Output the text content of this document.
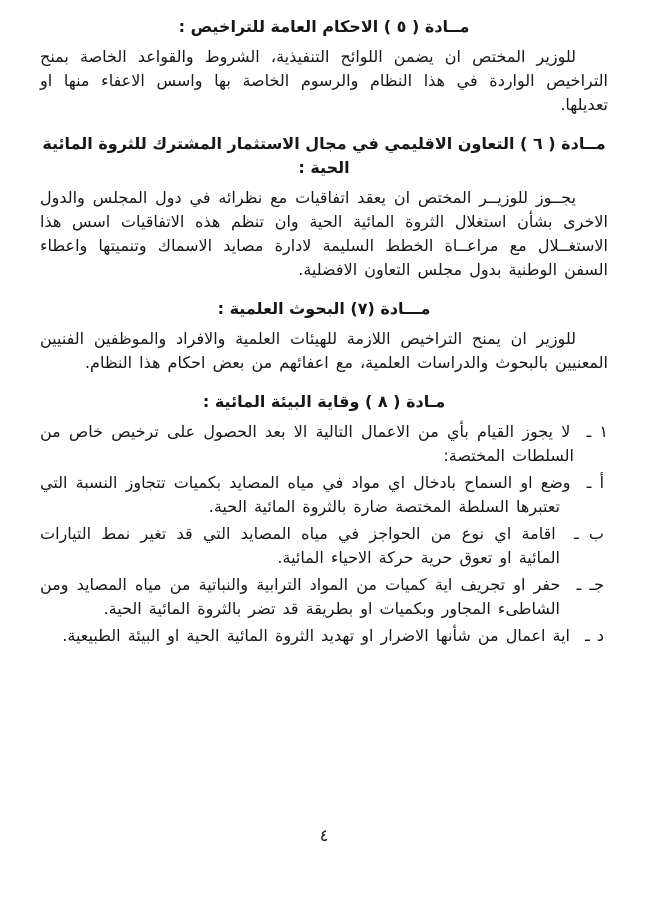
مــادة ( ٥ ) الاحكام العامة للتراخيص :

للوزير المختص ان يضمن اللوائح التنفيذية، الشروط والقواعد الخاصة بمنح التراخيص الواردة في هذا النظام والرسوم الخاصة بها واسس الاعفاء منها او تعديلها.

مــادة ( ٦ ) التعاون الاقليمي في مجال الاستثمار المشترك للثروة المائية الحية :

يجــوز للوزيــر المختص ان يعقد اتفاقيات مع نظرائه في دول المجلس والدول الاخرى بشأن استغلال الثروة المائية الحية وان تنظم هذه الاتفاقيات اسس هذا الاستغــلال مع مراعــاة الخطط السليمة لادارة مصايد الاسماك وتنميتها واعطاء السفن الوطنية بدول مجلس التعاون الافضلية.

مـــادة (٧) البحوث العلمية :

للوزير ان يمنح التراخيص اللازمة للهيئات العلمية والافراد والموظفين الفنيين المعنيين بالبحوث والدراسات العلمية، مع اعفائهم من بعض احكام هذا النظام.

مـادة ( ٨ ) وقاية البيئة المائية :

١ ـ لا يجوز القيام بأي من الاعمال التالية الا بعد الحصول على ترخيص خاص من السلطات المختصة:

أ ـ وضع او السماح بادخال اي مواد في مياه المصايد بكميات تتجاوز النسبة التي تعتبرها السلطة المختصة ضارة بالثروة المائية الحية.

ب ـ اقامة اي نوع من الحواجز في مياه المصايد التي قد تغير نمط التيارات المائية او تعوق حرية حركة الاحياء المائية.

جـ ـ حفر او تجريف اية كميات من المواد الترابية والنباتية من مياه المصايد ومن الشاطىء المجاور وبكميات او بطريقة قد تضر بالثروة المائية الحية.

د ـ اية اعمال من شأنها الاضرار او تهديد الثروة المائية الحية او البيئة الطبيعية.

٤
